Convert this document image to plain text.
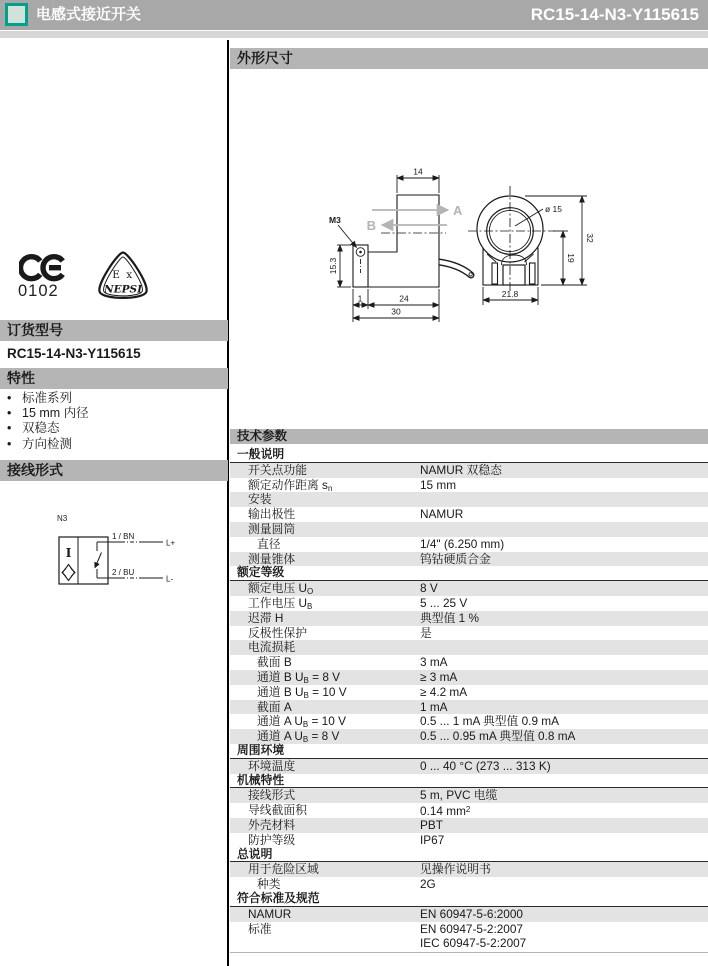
电感式接近开关	RC15-14-N3-Y115615
0102
E x
NEPSI
订货型号
RC15-14-N3-Y115615
特性
• 标准系列
• 15 mm 内径
• 双稳态
• 方向检测
接线形式
N3
I
1 / BN
2 / BU
L+
L-
外形尺寸
A
B
M3
14
15.3
1	24
30
ø 15
32
19
21.8
技术参数
一般说明
开关点功能	NAMUR 双稳态
额定动作距离 $s_n$	15 mm
安装
输出极性	NAMUR
测量圆筒
直径	1/4" (6.250 mm)
测量锥体	钨钴硬质合金
额定等级
额定电压 $U_O$	8 V
工作电压 $U_B$	5 ... 25 V
迟滞 H	典型值 1 %
反极性保护	是
电流损耗
截面 B	3 mA
通道 B $U_B = 8$ V	≥ 3 mA
通道 B $U_B = 10$ V	≥ 4.2 mA
截面 A	1 mA
通道 A $U_B = 10$ V	0.5 ... 1 mA 典型值 0.9 mA
通道 A $U_B = 8$ V	0.5 ... 0.95 mA 典型值 0.8 mA
周围环境
环境温度	0 ... 40 °C (273 ... 313 K)
机械特性
接线形式	5 m, PVC 电缆
导线截面积	0.14 $mm^2$
外壳材料	PBT
防护等级	IP67
总说明
用于危险区域	见操作说明书
种类	2G
符合标准及规范
NAMUR	EN 60947-5-6:2000
标准	EN 60947-5-2:2007
IEC 60947-5-2:2007
